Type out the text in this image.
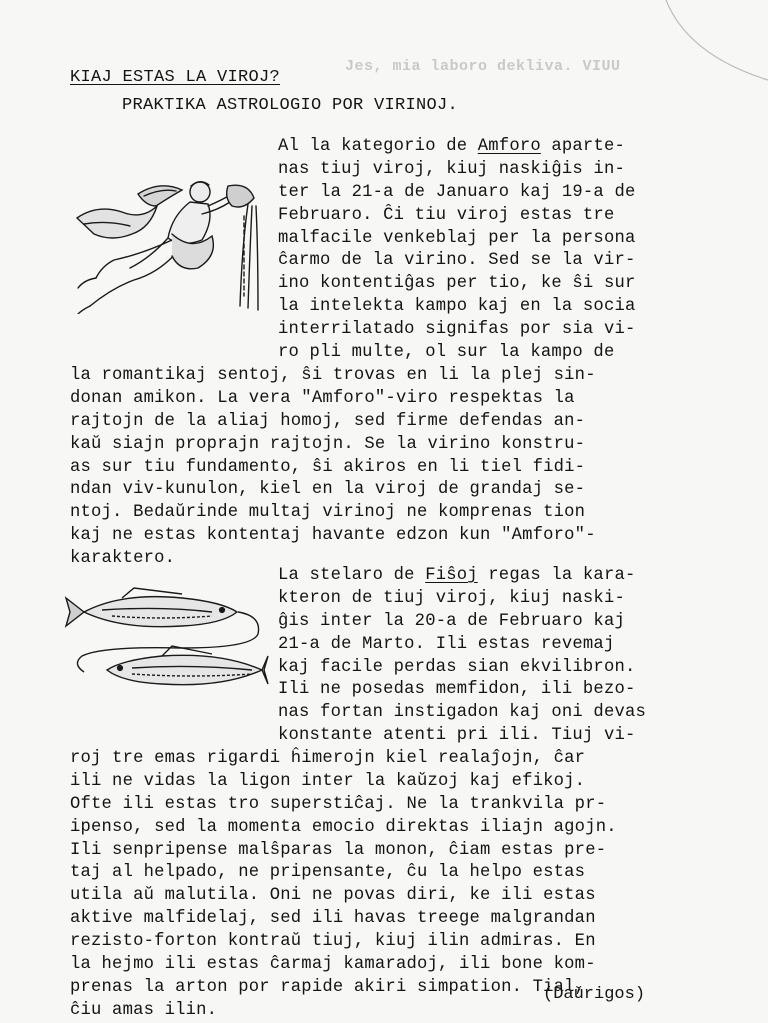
Jes, mia laboro dekliva. VIUU
KIAJ ESTAS LA VIROJ?
PRAKTIKA ASTROLOGIO POR VIRINOJ.
Al la kategorio de Amforo aparte-
nas tiuj viroj, kiuj naskiĝis in-
ter la 21-a de Januaro kaj 19-a de
Februaro. Ĉi tiu viroj estas tre
malfacile venkeblaj per la persona
ĉarmo de la virino. Sed se la vir-
ino kontentiĝas per tio, ke ŝi sur
la intelekta kampo kaj en la socia
interrilatado signifas por sia vi-
ro pli multe, ol sur la kampo de
la romantikaj sentoj, ŝi trovas en li la plej sin-
donan amikon. La vera "Amforo"-viro respektas la
rajtojn de la aliaj homoj, sed firme defendas an-
kaŭ siajn proprajn rajtojn. Se la virino konstru-
as sur tiu fundamento, ŝi akiros en li tiel fidi-
ndan viv-kunulon, kiel en la viroj de grandaj se-
ntoj. Bedaŭrinde multaj virinoj ne komprenas tion
kaj ne estas kontentaj havante edzon kun "Amforo"-
karaktero.
La stelaro de Fiŝoj regas la kara-
kteron de tiuj viroj, kiuj naski-
ĝis inter la 20-a de Februaro kaj
21-a de Marto. Ili estas revemaj
kaj facile perdas sian ekvilibron.
Ili ne posedas memfidon, ili bezo-
nas fortan instigadon kaj oni devas
konstante atenti pri ili. Tiuj vi-
roj tre emas rigardi ĥimerojn kiel realaĵojn, ĉar
ili ne vidas la ligon inter la kaŭzoj kaj efikoj.
Ofte ili estas tro superstiĉaj. Ne la trankvila pr-
ipenso, sed la momenta emocio direktas iliajn agojn.
Ili senpripense malŝparas la monon, ĉiam estas pre-
taj al helpado, ne pripensante, ĉu la helpo estas
utila aŭ malutila. Oni ne povas diri, ke ili estas
aktive malfidelaj, sed ili havas treege malgrandan
rezisto-forton kontraŭ tiuj, kiuj ilin admiras. En
la hejmo ili estas ĉarmaj kamaradoj, ili bone kom-
prenas la arton por rapide akiri simpation. Tial,
ĉiu amas ilin.
(Daŭrigos)
